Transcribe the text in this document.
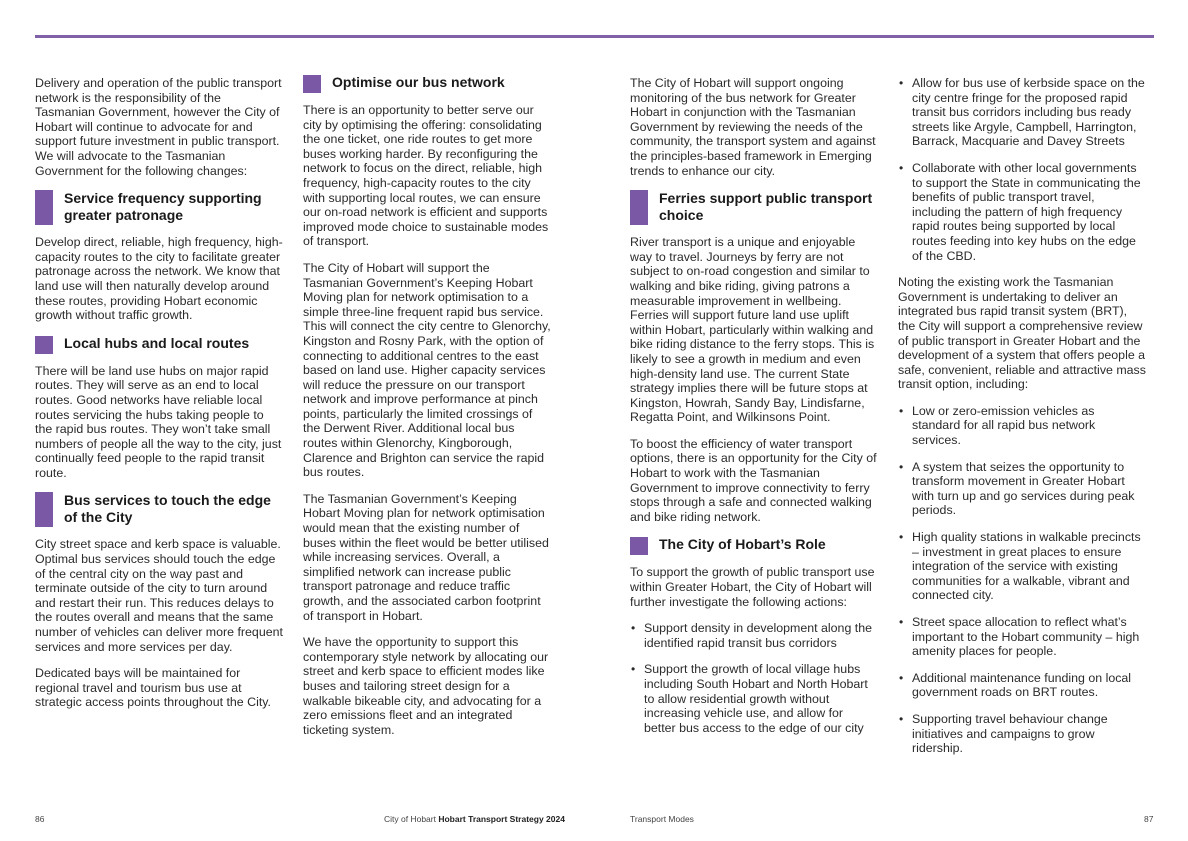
Delivery and operation of the public transport network is the responsibility of the Tasmanian Government, however the City of Hobart will continue to advocate for and support future investment in public transport. We will advocate to the Tasmanian Government for the following changes:

Service frequency supporting greater patronage

Develop direct, reliable, high frequency, high-capacity routes to the city to facilitate greater patronage across the network. We know that land use will then naturally develop around these routes, providing Hobart economic growth without traffic growth.

Local hubs and local routes

There will be land use hubs on major rapid routes. They will serve as an end to local routes. Good networks have reliable local routes servicing the hubs taking people to the rapid bus routes. They won’t take small numbers of people all the way to the city, just continually feed people to the rapid transit route.

Bus services to touch the edge of the City

City street space and kerb space is valuable. Optimal bus services should touch the edge of the central city on the way past and terminate outside of the city to turn around and restart their run. This reduces delays to the routes overall and means that the same number of vehicles can deliver more frequent services and more services per day.

Dedicated bays will be maintained for regional travel and tourism bus use at strategic access points throughout the City.

Optimise our bus network

There is an opportunity to better serve our city by optimising the offering: consolidating the one ticket, one ride routes to get more buses working harder. By reconfiguring the network to focus on the direct, reliable, high frequency, high-capacity routes to the city with supporting local routes, we can ensure our on-road network is efficient and supports improved mode choice to sustainable modes of transport.

The City of Hobart will support the Tasmanian Government’s Keeping Hobart Moving plan for network optimisation to a simple three-line frequent rapid bus service. This will connect the city centre to Glenorchy, Kingston and Rosny Park, with the option of connecting to additional centres to the east based on land use. Higher capacity services will reduce the pressure on our transport network and improve performance at pinch points, particularly the limited crossings of the Derwent River. Additional local bus routes within Glenorchy, Kingborough, Clarence and Brighton can service the rapid bus routes.

The Tasmanian Government’s Keeping Hobart Moving plan for network optimisation would mean that the existing number of buses within the fleet would be better utilised while increasing services. Overall, a simplified network can increase public transport patronage and reduce traffic growth, and the associated carbon footprint of transport in Hobart.

We have the opportunity to support this contemporary style network by allocating our street and kerb space to efficient modes like buses and tailoring street design for a walkable bikeable city, and advocating for a zero emissions fleet and an integrated ticketing system.

The City of Hobart will support ongoing monitoring of the bus network for Greater Hobart in conjunction with the Tasmanian Government by reviewing the needs of the community, the transport system and against the principles-based framework in Emerging trends to enhance our city.

Ferries support public transport choice

River transport is a unique and enjoyable way to travel. Journeys by ferry are not subject to on-road congestion and similar to walking and bike riding, giving patrons a measurable improvement in wellbeing. Ferries will support future land use uplift within Hobart, particularly within walking and bike riding distance to the ferry stops. This is likely to see a growth in medium and even high-density land use. The current State strategy implies there will be future stops at Kingston, Howrah, Sandy Bay, Lindisfarne, Regatta Point, and Wilkinsons Point.

To boost the efficiency of water transport options, there is an opportunity for the City of Hobart to work with the Tasmanian Government to improve connectivity to ferry stops through a safe and connected walking and bike riding network.

The City of Hobart’s Role

To support the growth of public transport use within Greater Hobart, the City of Hobart will further investigate the following actions:

• Support density in development along the identified rapid transit bus corridors
• Support the growth of local village hubs including South Hobart and North Hobart to allow residential growth without increasing vehicle use, and allow for better bus access to the edge of our city
• Allow for bus use of kerbside space on the city centre fringe for the proposed rapid transit bus corridors including bus ready streets like Argyle, Campbell, Harrington, Barrack, Macquarie and Davey Streets
• Collaborate with other local governments to support the State in communicating the benefits of public transport travel, including the pattern of high frequency rapid routes being supported by local routes feeding into key hubs on the edge of the CBD.

Noting the existing work the Tasmanian Government is undertaking to deliver an integrated bus rapid transit system (BRT), the City will support a comprehensive review of public transport in Greater Hobart and the development of a system that offers people a safe, convenient, reliable and attractive mass transit option, including:

• Low or zero-emission vehicles as standard for all rapid bus network services.
• A system that seizes the opportunity to transform movement in Greater Hobart with turn up and go services during peak periods.
• High quality stations in walkable precincts – investment in great places to ensure integration of the service with existing communities for a walkable, vibrant and connected city.
• Street space allocation to reflect what’s important to the Hobart community – high amenity places for people.
• Additional maintenance funding on local government roads on BRT routes.
• Supporting travel behaviour change initiatives and campaigns to grow ridership.
86	City of Hobart Hobart Transport Strategy 2024	Transport Modes	87
